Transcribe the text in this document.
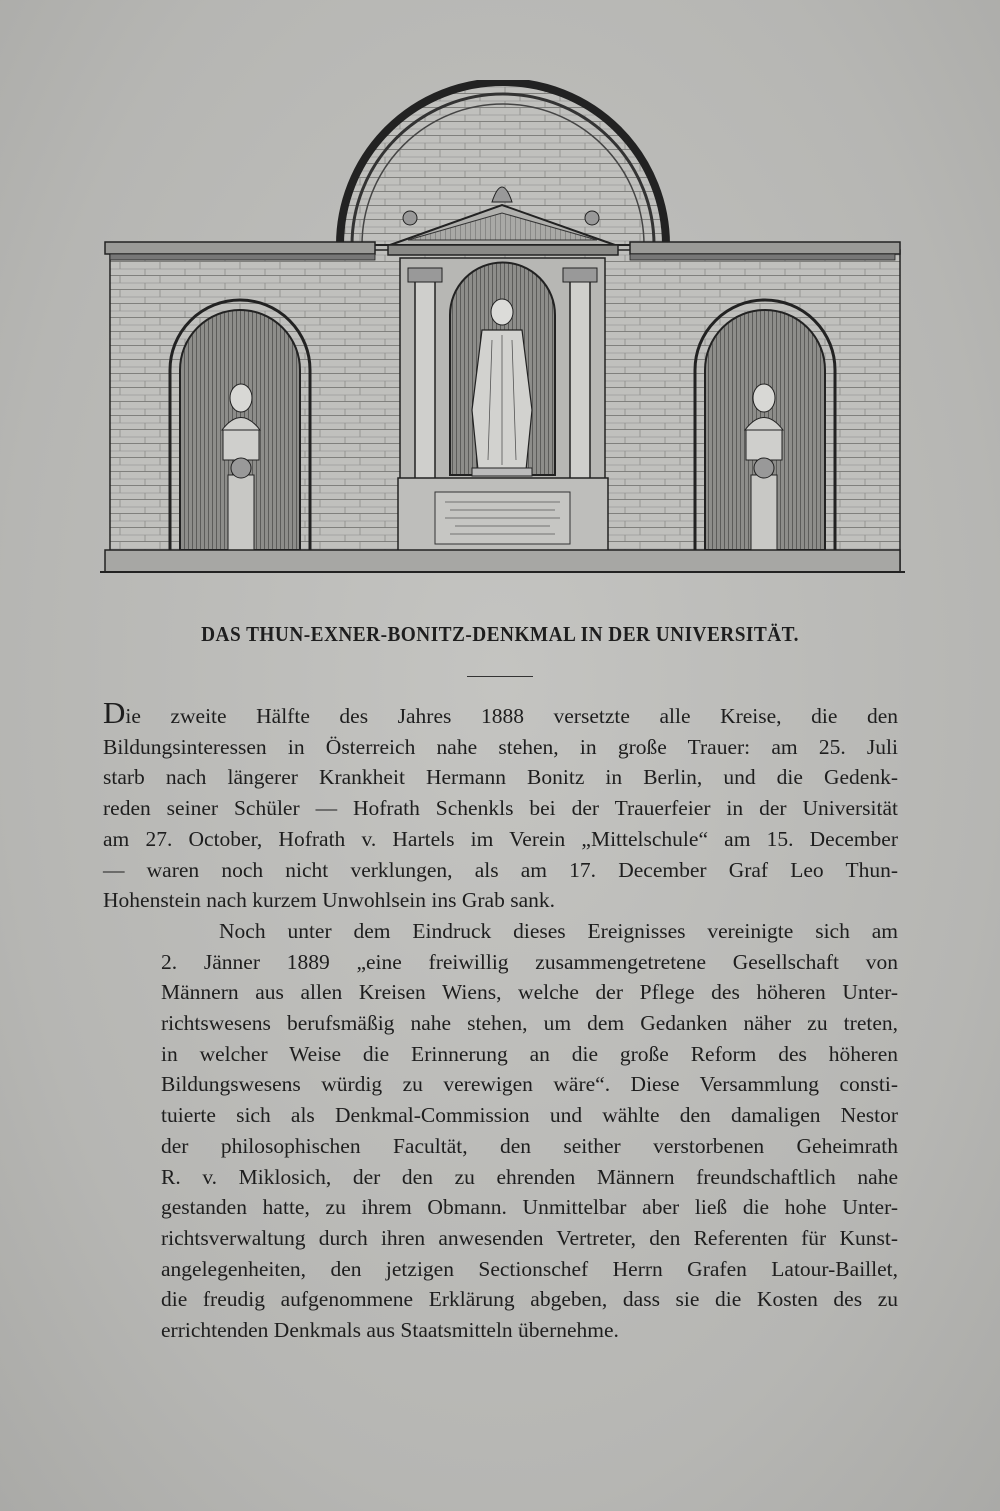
DAS THUN-EXNER-BONITZ-DENKMAL IN DER UNIVERSITÄT.

Die zweite Hälfte des Jahres 1888 versetzte alle Kreise, die den
Bildungsinteressen in Österreich nahe stehen, in große Trauer: am 25. Juli
starb nach längerer Krankheit Hermann Bonitz in Berlin, und die Gedenk-
reden seiner Schüler — Hofrath Schenkls bei der Trauerfeier in der Universität
am 27. October, Hofrath v. Hartels im Verein „Mittelschule“ am 15. December
— waren noch nicht verklungen, als am 17. December Graf Leo Thun-
Hohenstein nach kurzem Unwohlsein ins Grab sank.

Noch unter dem Eindruck dieses Ereignisses vereinigte sich am
2. Jänner 1889 „eine freiwillig zusammengetretene Gesellschaft von
Männern aus allen Kreisen Wiens, welche der Pflege des höheren Unter-
richtswesens berufsmäßig nahe stehen, um dem Gedanken näher zu treten,
in welcher Weise die Erinnerung an die große Reform des höheren
Bildungswesens würdig zu verewigen wäre“. Diese Versammlung consti-
tuierte sich als Denkmal-Commission und wählte den damaligen Nestor
der philosophischen Facultät, den seither verstorbenen Geheimrath
R. v. Miklosich, der den zu ehrenden Männern freundschaftlich nahe
gestanden hatte, zu ihrem Obmann. Unmittelbar aber ließ die hohe Unter-
richtsverwaltung durch ihren anwesenden Vertreter, den Referenten für Kunst-
angelegenheiten, den jetzigen Sectionschef Herrn Grafen Latour-Baillet,
die freudig aufgenommene Erklärung abgeben, dass sie die Kosten des zu
errichtenden Denkmals aus Staatsmitteln übernehme.
